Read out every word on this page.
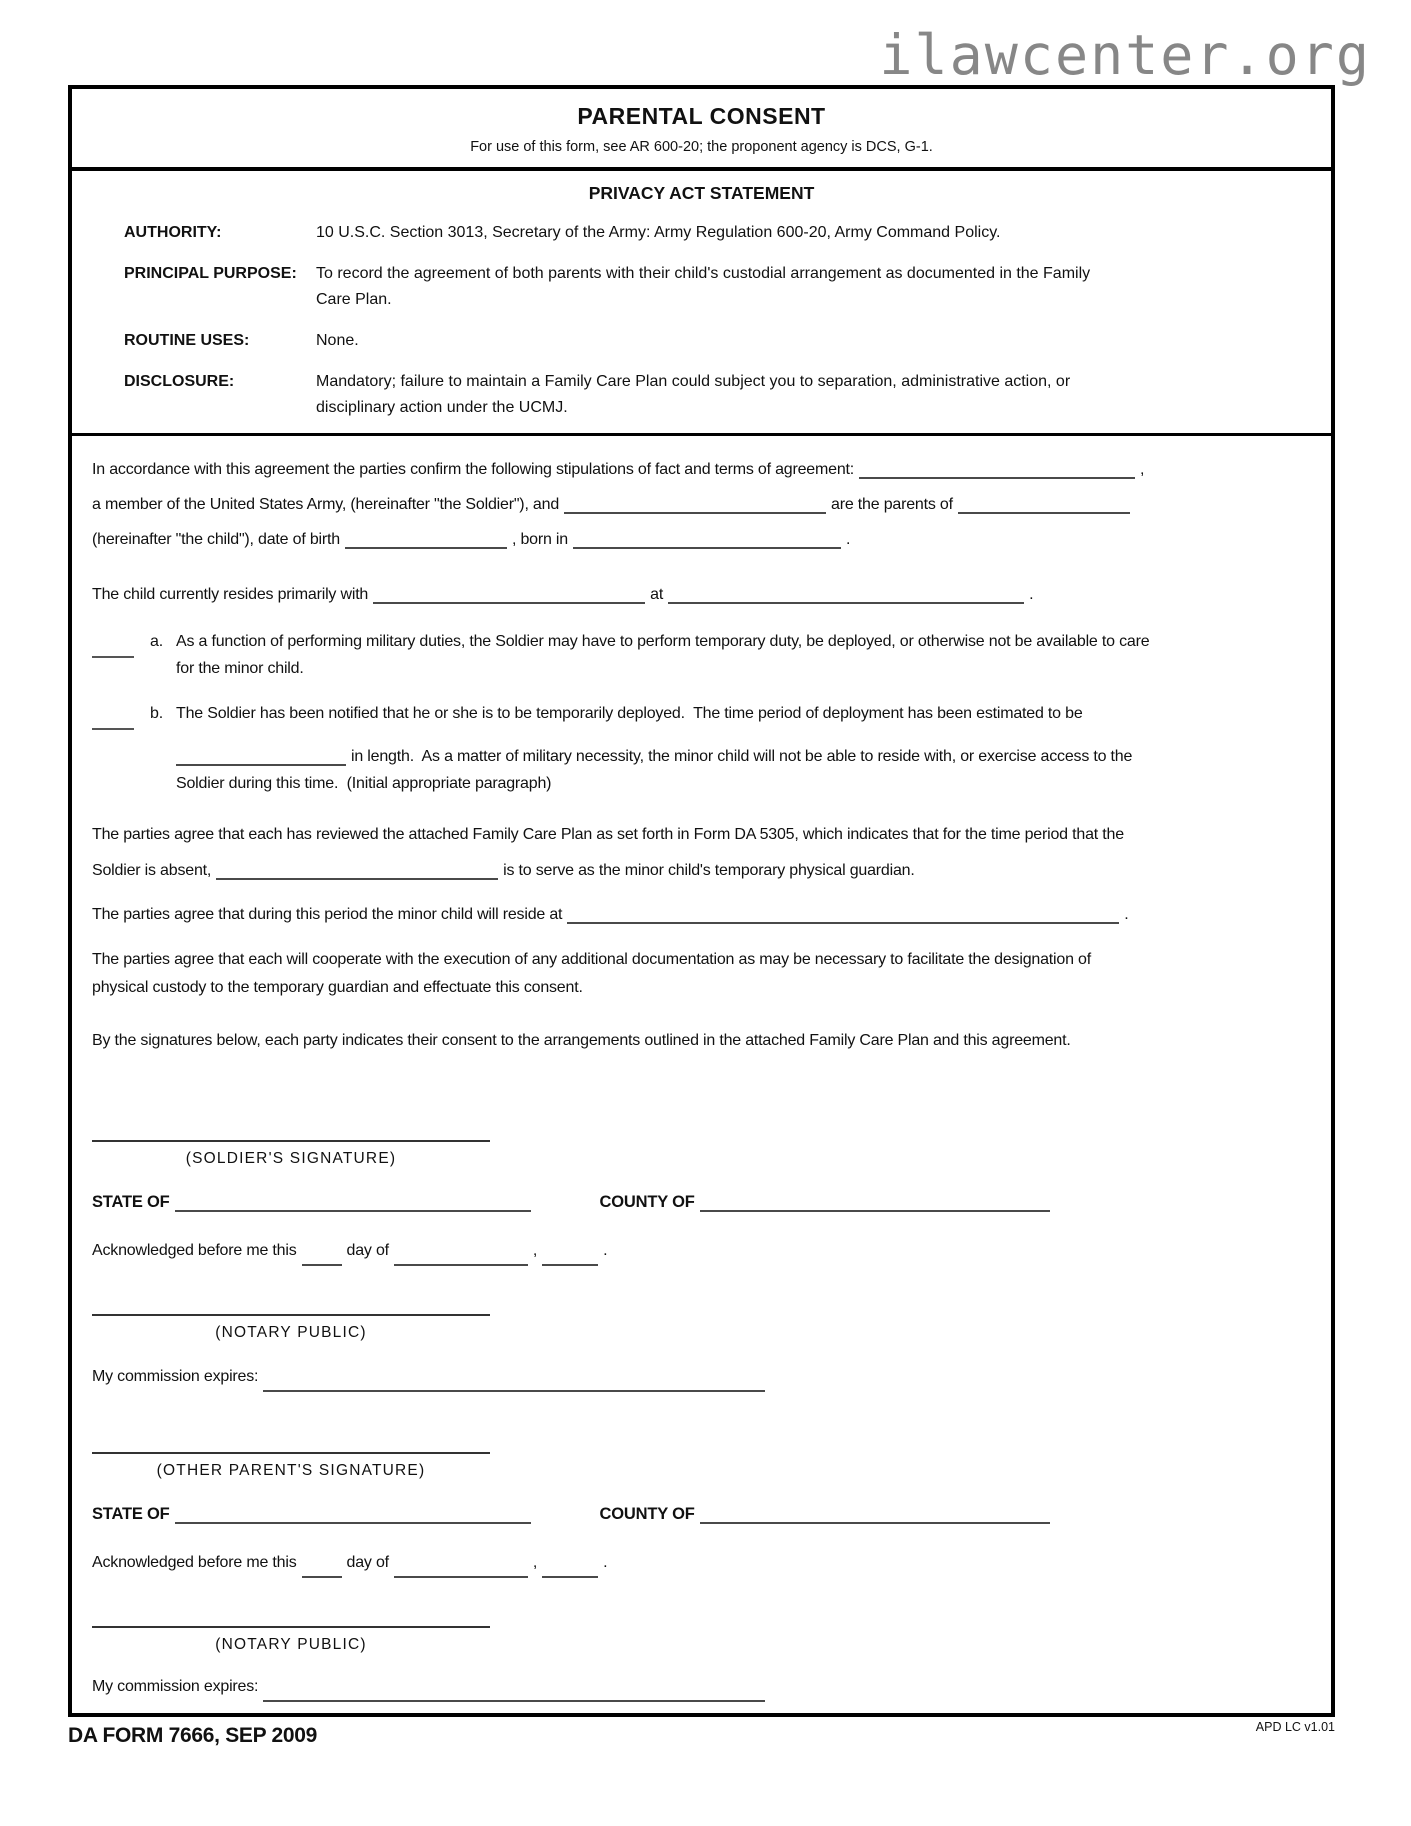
ilawcenter.org
PARENTAL CONSENT
For use of this form, see AR 600-20; the proponent agency is DCS, G-1.
PRIVACY ACT STATEMENT
AUTHORITY:	10 U.S.C. Section 3013, Secretary of the Army: Army Regulation 600-20, Army Command Policy.
PRINCIPAL PURPOSE:	To record the agreement of both parents with their child's custodial arrangement as documented in the Family
Care Plan.
ROUTINE USES:	None.
DISCLOSURE:	Mandatory; failure to maintain a Family Care Plan could subject you to separation, administrative action, or
disciplinary action under the UCMJ.
In accordance with this agreement the parties confirm the following stipulations of fact and terms of agreement:	,
a member of the United States Army, (hereinafter "the Soldier"), and	are the parents of
(hereinafter "the child"), date of birth	, born in	.
The child currently resides primarily with	at	.
a. As a function of performing military duties, the Soldier may have to perform temporary duty, be deployed, or otherwise not be available to care
for the minor child.
b. The Soldier has been notified that he or she is to be temporarily deployed.  The time period of deployment has been estimated to be
in length.  As a matter of military necessity, the minor child will not be able to reside with, or exercise access to the
Soldier during this time.  (Initial appropriate paragraph)
The parties agree that each has reviewed the attached Family Care Plan as set forth in Form DA 5305, which indicates that for the time period that the
Soldier is absent,	is to serve as the minor child's temporary physical guardian.
The parties agree that during this period the minor child will reside at	.
The parties agree that each will cooperate with the execution of any additional documentation as may be necessary to facilitate the designation of
physical custody to the temporary guardian and effectuate this consent.
By the signatures below, each party indicates their consent to the arrangements outlined in the attached Family Care Plan and this agreement.
(SOLDIER'S SIGNATURE)
STATE OF	COUNTY OF
Acknowledged before me this	day of	,	.
(NOTARY PUBLIC)
My commission expires:
(OTHER PARENT'S SIGNATURE)
STATE OF	COUNTY OF
Acknowledged before me this	day of	,	.
(NOTARY PUBLIC)
My commission expires:
DA FORM 7666, SEP 2009	APD LC v1.01
